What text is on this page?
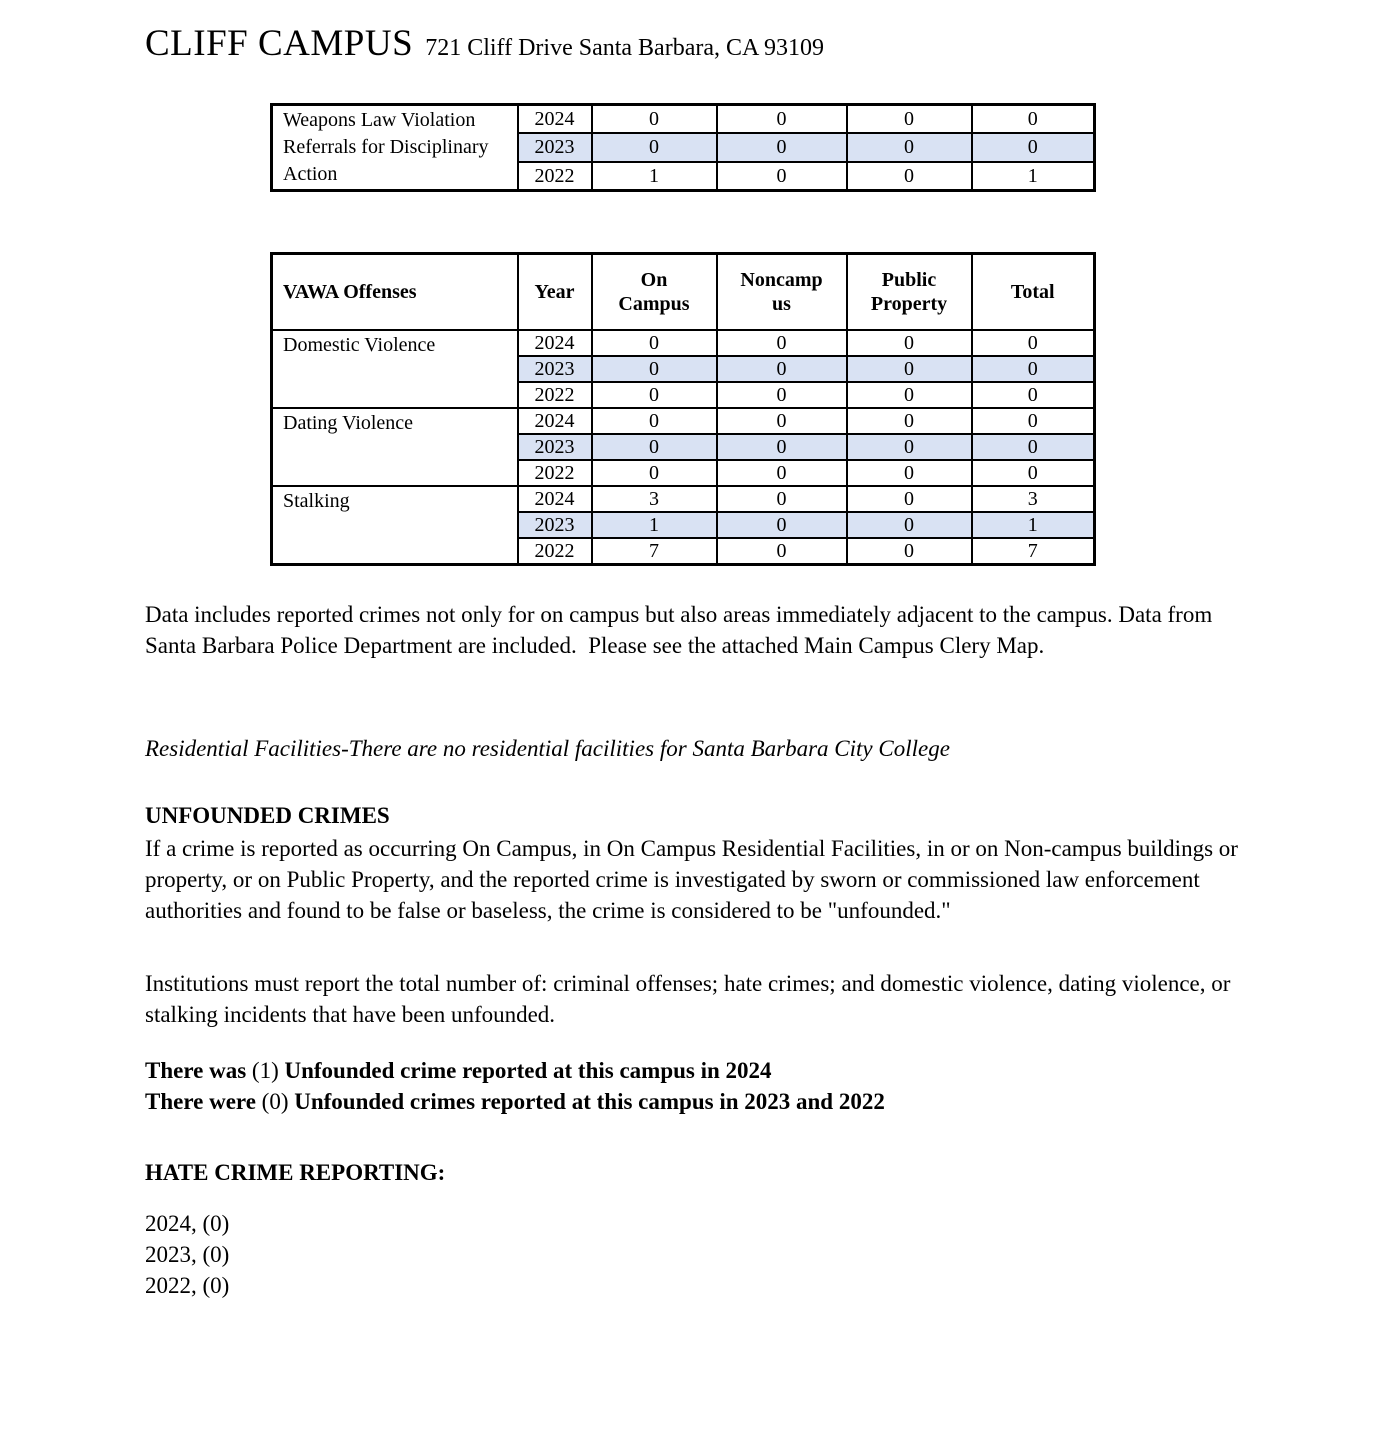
CLIFF CAMPUS 721 Cliff Drive Santa Barbara, CA 93109
Weapons Law Violation Referrals for Disciplinary Action	2024	0	0	0	0
	2023	0	0	0	0
	2022	1	0	0	1
VAWA Offenses	Year	On Campus	Noncampus	Public Property	Total
Domestic Violence	2024	0	0	0	0
	2023	0	0	0	0
	2022	0	0	0	0
Dating Violence	2024	0	0	0	0
	2023	0	0	0	0
	2022	0	0	0	0
Stalking	2024	3	0	0	3
	2023	1	0	0	1
	2022	7	0	0	7

Data includes reported crimes not only for on campus but also areas immediately adjacent to the campus. Data from Santa Barbara Police Department are included.  Please see the attached Main Campus Clery Map.

Residential Facilities-There are no residential facilities for Santa Barbara City College

UNFOUNDED CRIMES

If a crime is reported as occurring On Campus, in On Campus Residential Facilities, in or on Non-campus buildings or property, or on Public Property, and the reported crime is investigated by sworn or commissioned law enforcement authorities and found to be false or baseless, the crime is considered to be "unfounded."

Institutions must report the total number of: criminal offenses; hate crimes; and domestic violence, dating violence, or stalking incidents that have been unfounded.

There was (1) Unfounded crime reported at this campus in 2024
There were (0) Unfounded crimes reported at this campus in 2023 and 2022

HATE CRIME REPORTING:

2024, (0)
2023, (0)
2022, (0)
